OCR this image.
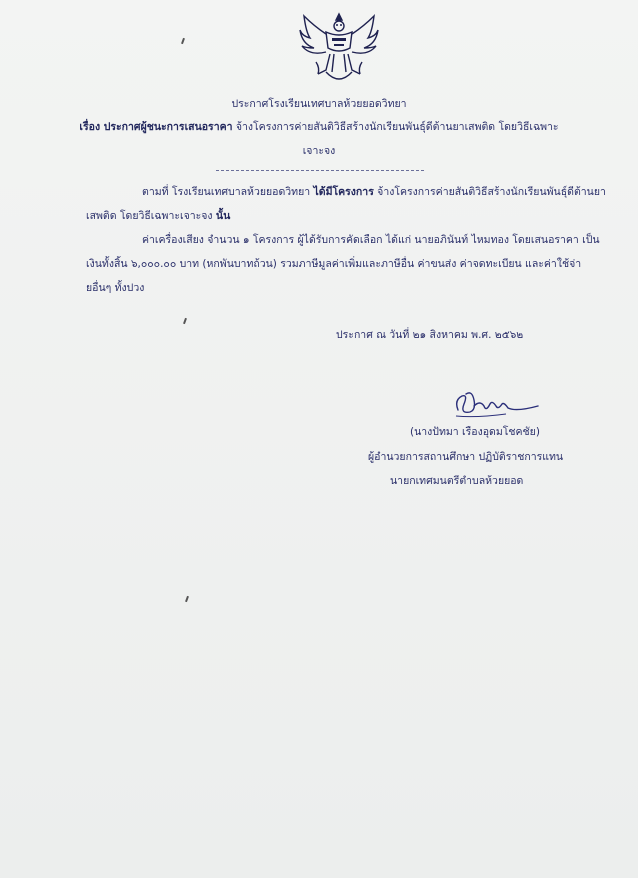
ประกาศโรงเรียนเทศบาลห้วยยอดวิทยา
เรื่อง ประกาศผู้ชนะการเสนอราคา จ้างโครงการค่ายสันติวิธีสร้างนักเรียนพันธุ์ดีต้านยาเสพติด โดยวิธีเฉพาะ
เจาะจง
ตามที่ โรงเรียนเทศบาลห้วยยอดวิทยา ได้มีโครงการ จ้างโครงการค่ายสันติวิธีสร้างนักเรียนพันธุ์ดีต้านยา
เสพติด โดยวิธีเฉพาะเจาะจง นั้น
ค่าเครื่องเสียง จำนวน ๑ โครงการ ผู้ได้รับการคัดเลือก ได้แก่ นายอภินันท์ ไหมทอง โดยเสนอราคา เป็น
เงินทั้งสิ้น ๖,๐๐๐.๐๐ บาท (หกพันบาทถ้วน) รวมภาษีมูลค่าเพิ่มและภาษีอื่น ค่าขนส่ง ค่าจดทะเบียน และค่าใช้จ่า
ยอื่นๆ ทั้งปวง
ประกาศ ณ วันที่ ๒๑ สิงหาคม พ.ศ. ๒๕๖๒
(นางปัทมา เรืองอุดมโชคชัย)
ผู้อำนวยการสถานศึกษา ปฏิบัติราชการแทน
นายกเทศมนตรีตำบลห้วยยอด
